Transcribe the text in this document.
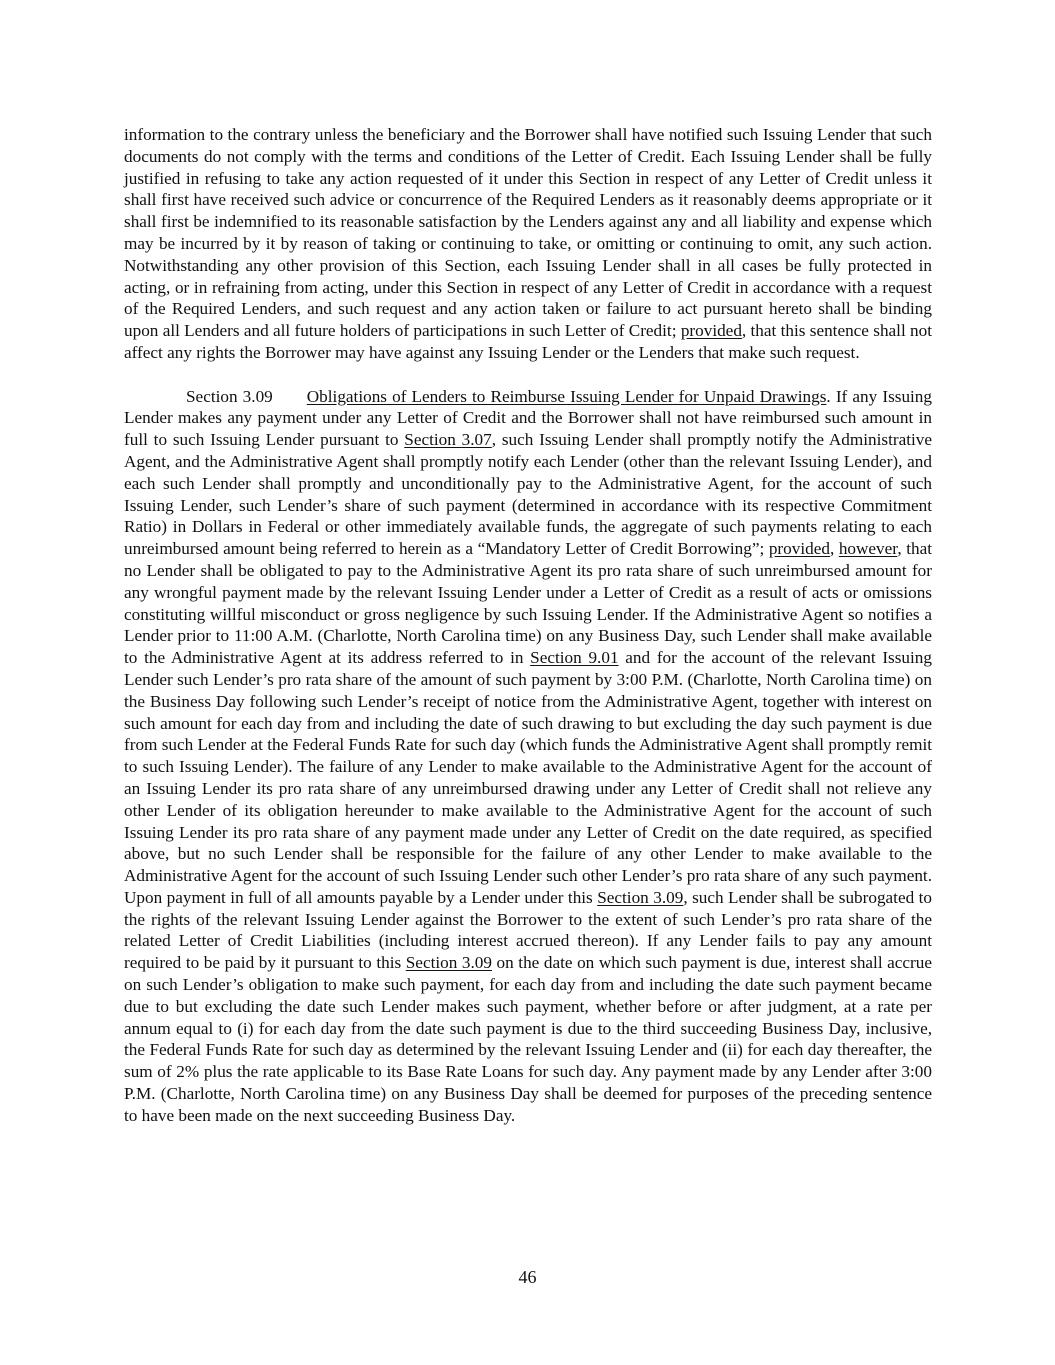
information to the contrary unless the beneficiary and the Borrower shall have notified such Issuing Lender that such documents do not comply with the terms and conditions of the Letter of Credit. Each Issuing Lender shall be fully justified in refusing to take any action requested of it under this Section in respect of any Letter of Credit unless it shall first have received such advice or concurrence of the Required Lenders as it reasonably deems appropriate or it shall first be indemnified to its reasonable satisfaction by the Lenders against any and all liability and expense which may be incurred by it by reason of taking or continuing to take, or omitting or continuing to omit, any such action. Notwithstanding any other provision of this Section, each Issuing Lender shall in all cases be fully protected in acting, or in refraining from acting, under this Section in respect of any Letter of Credit in accordance with a request of the Required Lenders, and such request and any action taken or failure to act pursuant hereto shall be binding upon all Lenders and all future holders of participations in such Letter of Credit; provided, that this sentence shall not affect any rights the Borrower may have against any Issuing Lender or the Lenders that make such request.

Section 3.09 Obligations of Lenders to Reimburse Issuing Lender for Unpaid Drawings. If any Issuing Lender makes any payment under any Letter of Credit and the Borrower shall not have reimbursed such amount in full to such Issuing Lender pursuant to Section 3.07, such Issuing Lender shall promptly notify the Administrative Agent, and the Administrative Agent shall promptly notify each Lender (other than the relevant Issuing Lender), and each such Lender shall promptly and unconditionally pay to the Administrative Agent, for the account of such Issuing Lender, such Lender’s share of such payment (determined in accordance with its respective Commitment Ratio) in Dollars in Federal or other immediately available funds, the aggregate of such payments relating to each unreimbursed amount being referred to herein as a “Mandatory Letter of Credit Borrowing”; provided, however, that no Lender shall be obligated to pay to the Administrative Agent its pro rata share of such unreimbursed amount for any wrongful payment made by the relevant Issuing Lender under a Letter of Credit as a result of acts or omissions constituting willful misconduct or gross negligence by such Issuing Lender. If the Administrative Agent so notifies a Lender prior to 11:00 A.M. (Charlotte, North Carolina time) on any Business Day, such Lender shall make available to the Administrative Agent at its address referred to in Section 9.01 and for the account of the relevant Issuing Lender such Lender’s pro rata share of the amount of such payment by 3:00 P.M. (Charlotte, North Carolina time) on the Business Day following such Lender’s receipt of notice from the Administrative Agent, together with interest on such amount for each day from and including the date of such drawing to but excluding the day such payment is due from such Lender at the Federal Funds Rate for such day (which funds the Administrative Agent shall promptly remit to such Issuing Lender). The failure of any Lender to make available to the Administrative Agent for the account of an Issuing Lender its pro rata share of any unreimbursed drawing under any Letter of Credit shall not relieve any other Lender of its obligation hereunder to make available to the Administrative Agent for the account of such Issuing Lender its pro rata share of any payment made under any Letter of Credit on the date required, as specified above, but no such Lender shall be responsible for the failure of any other Lender to make available to the Administrative Agent for the account of such Issuing Lender such other Lender’s pro rata share of any such payment. Upon payment in full of all amounts payable by a Lender under this Section 3.09, such Lender shall be subrogated to the rights of the relevant Issuing Lender against the Borrower to the extent of such Lender’s pro rata share of the related Letter of Credit Liabilities (including interest accrued thereon). If any Lender fails to pay any amount required to be paid by it pursuant to this Section 3.09 on the date on which such payment is due, interest shall accrue on such Lender’s obligation to make such payment, for each day from and including the date such payment became due to but excluding the date such Lender makes such payment, whether before or after judgment, at a rate per annum equal to (i) for each day from the date such payment is due to the third succeeding Business Day, inclusive, the Federal Funds Rate for such day as determined by the relevant Issuing Lender and (ii) for each day thereafter, the sum of 2% plus the rate applicable to its Base Rate Loans for such day. Any payment made by any Lender after 3:00 P.M. (Charlotte, North Carolina time) on any Business Day shall be deemed for purposes of the preceding sentence to have been made on the next succeeding Business Day.

46
